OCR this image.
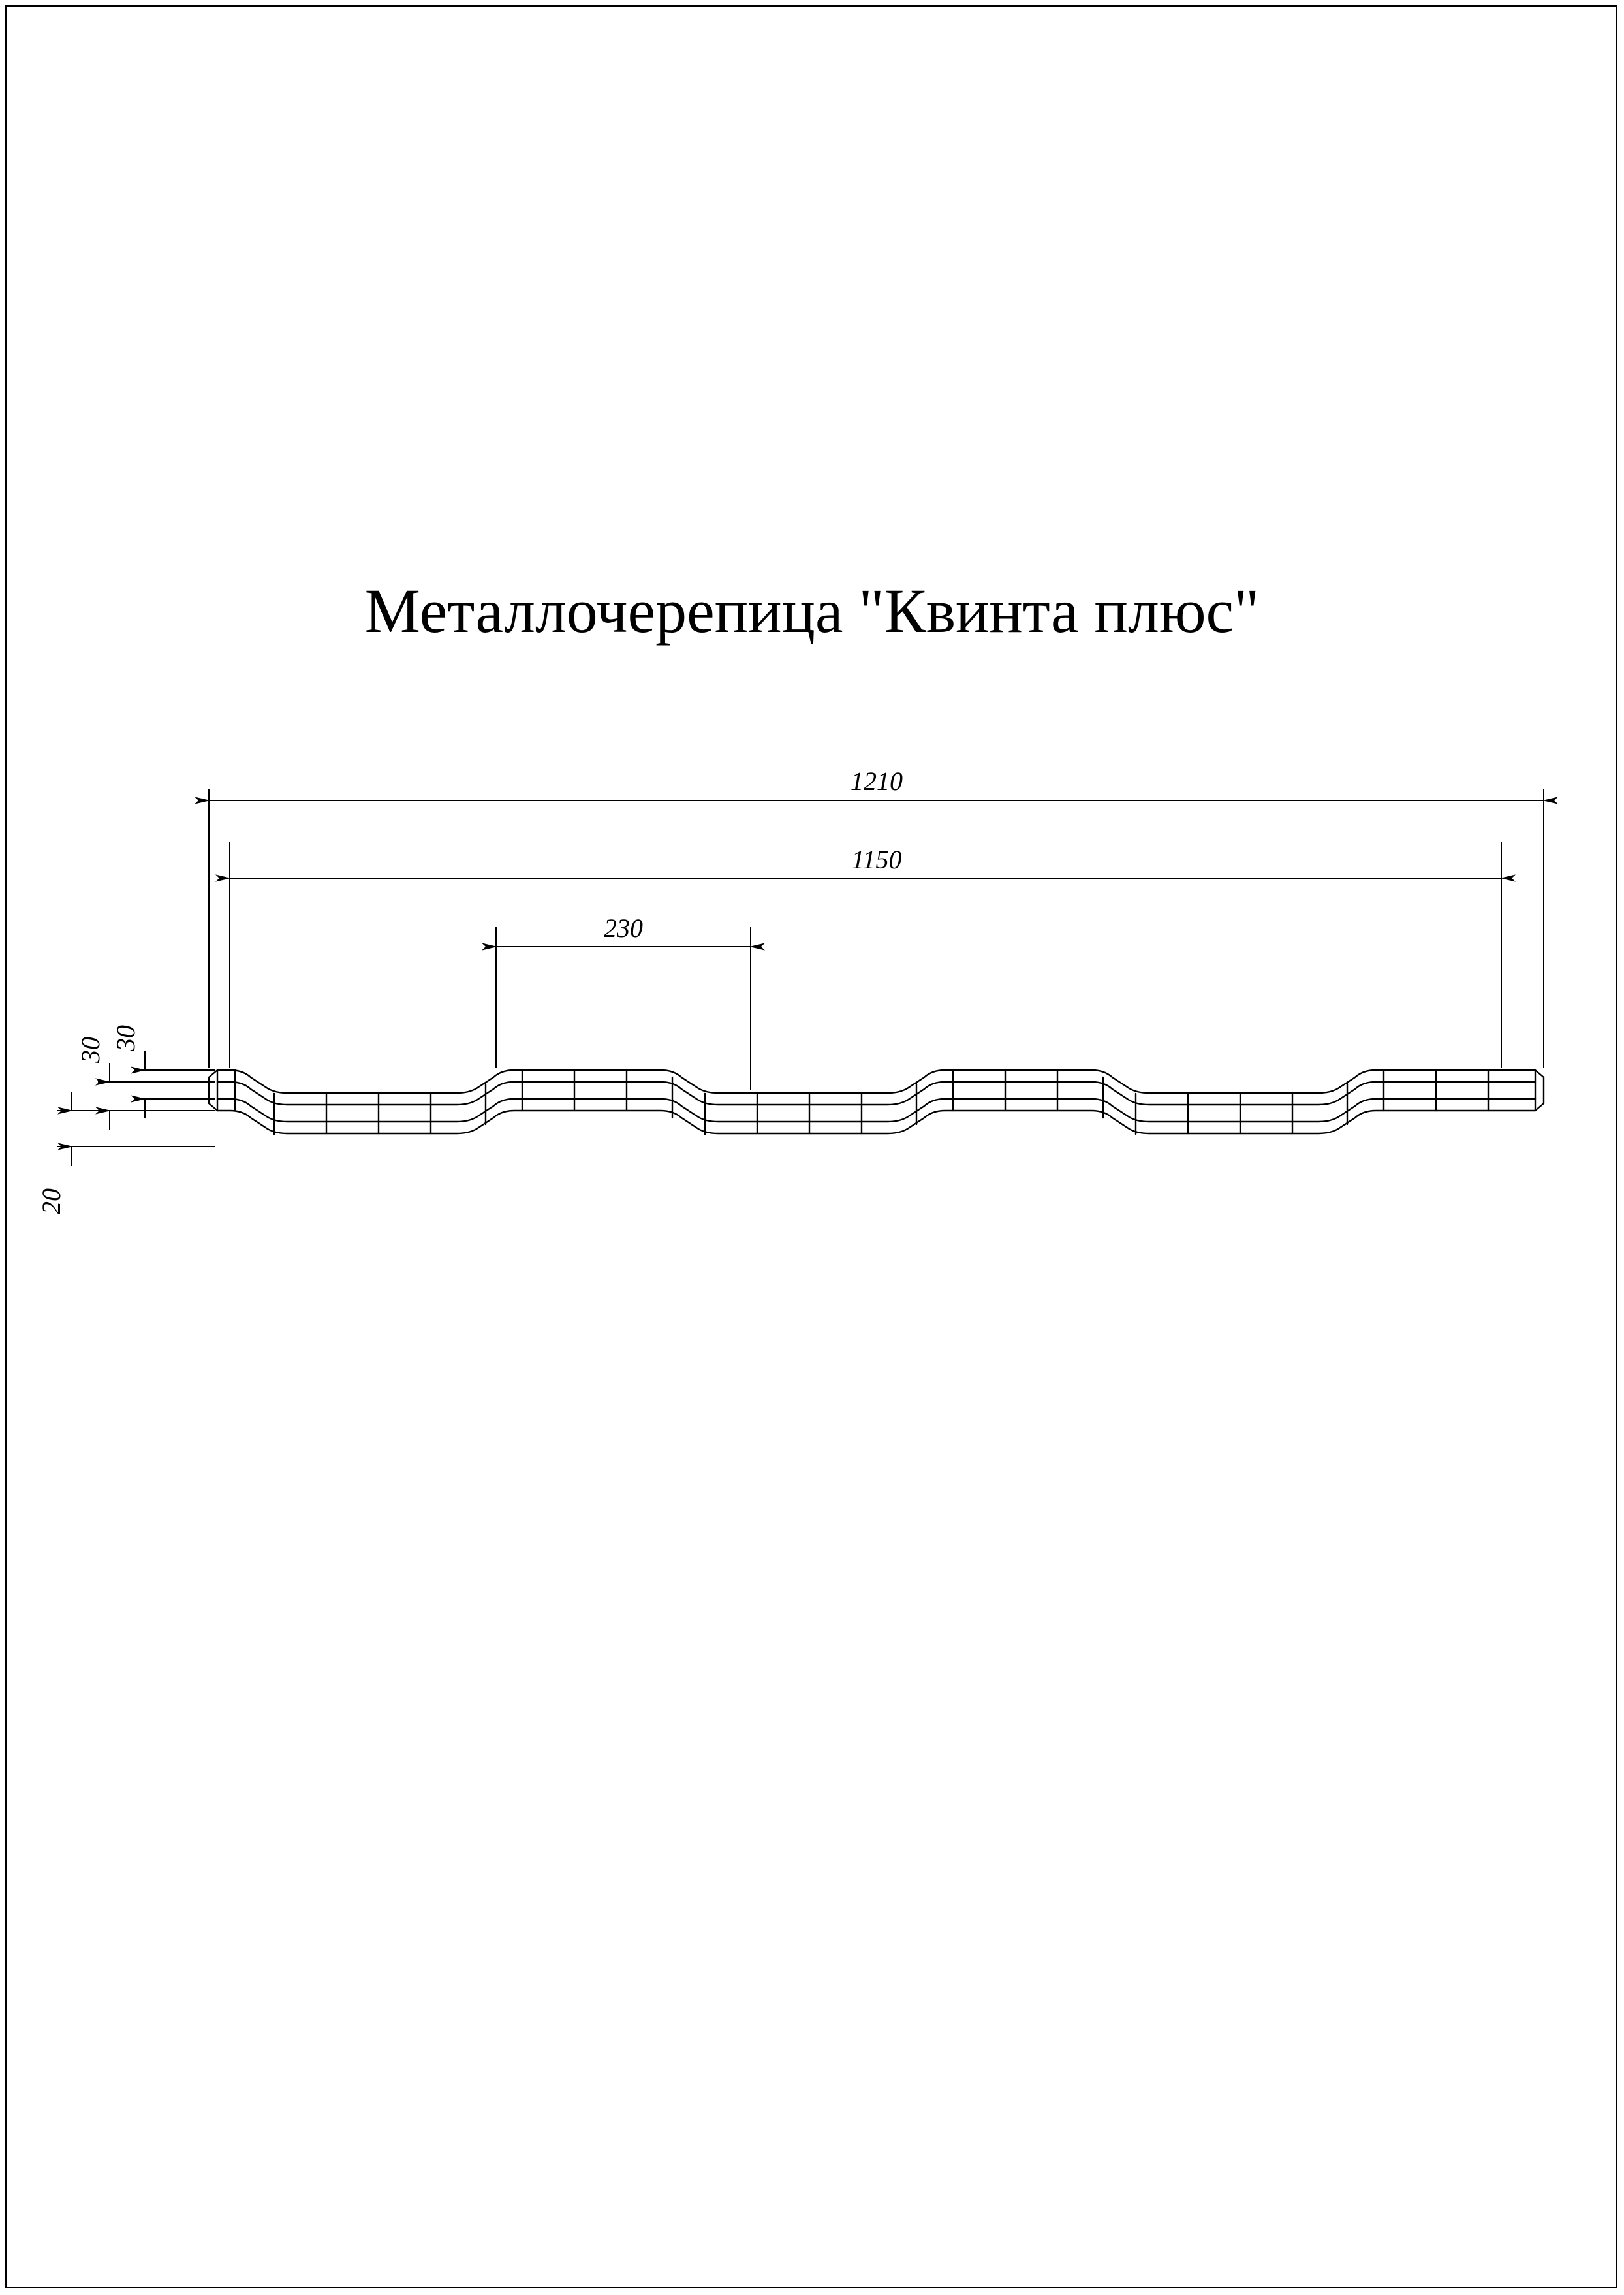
Металлочерепица "Квинта плюс"
1210
1150
230
30
30
20
